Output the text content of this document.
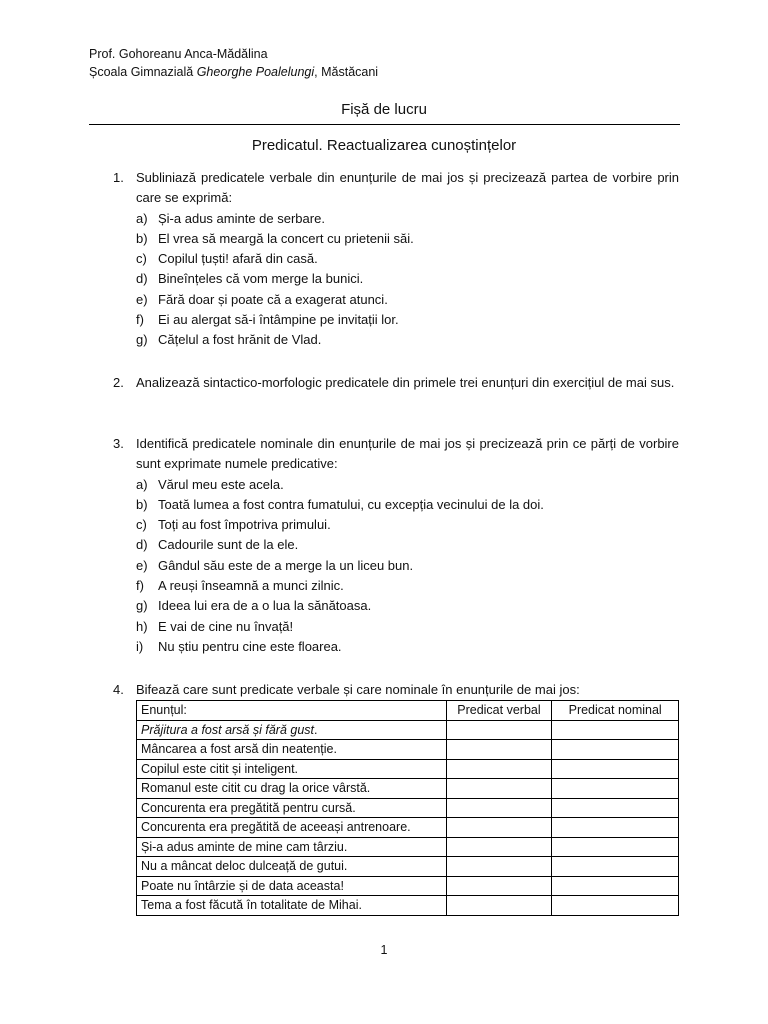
Prof. Gohoreanu Anca-Mădălina
Școala Gimnazială Gheorghe Poalelungi, Măstăcani
Fișă de lucru
Predicatul. Reactualizarea cunoștințelor
1. Subliniază predicatele verbale din enunțurile de mai jos și precizează partea de vorbire prin care se exprimă:
a) Și-a adus aminte de serbare.
b) El vrea să meargă la concert cu prietenii săi.
c) Copilul țuști! afară din casă.
d) Bineînțeles că vom merge la bunici.
e) Fără doar și poate că a exagerat atunci.
f) Ei au alergat să-i întâmpine pe invitații lor.
g) Cățelul a fost hrănit de Vlad.
2. Analizează sintactico-morfologic predicatele din primele trei enunțuri din exercițiul de mai sus.
3. Identifică predicatele nominale din enunțurile de mai jos și precizează prin ce părți de vorbire sunt exprimate numele predicative:
a) Vărul meu este acela.
b) Toată lumea a fost contra fumatului, cu excepția vecinului de la doi.
c) Toți au fost împotriva primului.
d) Cadourile sunt de la ele.
e) Gândul său este de a merge la un liceu bun.
f) A reuși înseamnă a munci zilnic.
g) Ideea lui era de a o lua la sănătoasa.
h) E vai de cine nu învață!
i) Nu știu pentru cine este floarea.
4. Bifează care sunt predicate verbale și care nominale în enunțurile de mai jos:
Enunțul:	Predicat verbal	Predicat nominal
Prăjitura a fost arsă și fără gust.		
Mâncarea a fost arsă din neatenție.		
Copilul este citit și inteligent.		
Romanul este citit cu drag la orice vârstă.		
Concurenta era pregătită pentru cursă.		
Concurenta era pregătită de aceeași antrenoare.		
Și-a adus aminte de mine cam târziu.		
Nu a mâncat deloc dulceață de gutui.		
Poate nu întârzie și de data aceasta!		
Tema a fost făcută în totalitate de Mihai.		
1
